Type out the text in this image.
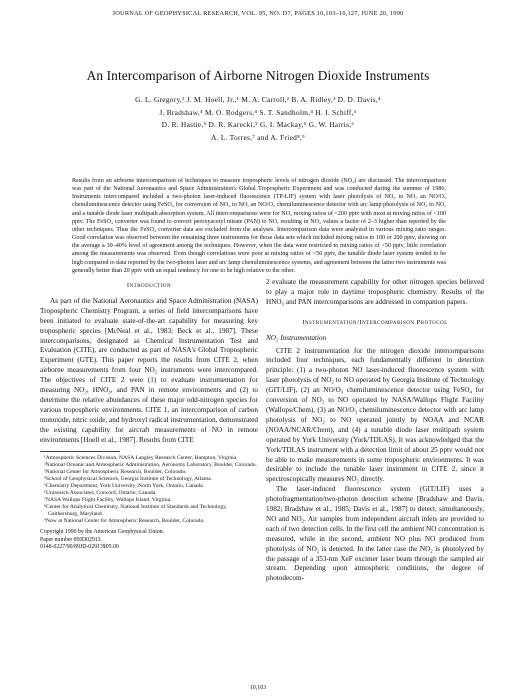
JOURNAL OF GEOPHYSICAL RESEARCH, VOL. 95, NO. D7, PAGES 10,103–10,127, JUNE 20, 1990
An Intercomparison of Airborne Nitrogen Dioxide Instruments
G. L. Gregory,¹ J. M. Hoell, Jr.,¹ M. A. Carroll,² B. A. Ridley,³ D. D. Davis,⁴
J. Bradshaw,⁴ M. O. Rodgers,⁴ S. T. Sandholm,⁴ H. I. Schiff,⁵
D. R. Hastie,⁵ D. R. Karecki,⁵ G. I. Mackay,⁶ G. W. Harris,⁶
A. L. Torres,⁷ and A. Fried⁸,⁹
Results from an airborne intercomparison of techniques to measure tropospheric levels of nitrogen dioxide (NO₂) are discussed. The intercomparison was part of the National Aeronautics and Space Administration's Global Tropospheric Experiment and was conducted during the summer of 1986. Instruments intercompared included a two-photon laser-induced fluorescence (TP-LIF) system with laser photolysis of NO₂ to NO, an NO/O₃ chemiluminescence detector using FeSO₄ for conversion of NO₂ to NO, an NO/O₃ chemiluminescence detector with arc lamp photolysis of NO₂ to NO, and a tunable diode laser multipath absorption system. All intercomparisons were for NO₂ mixing ratios of <200 pptv with most at mixing ratios of <100 pptv. The FeSO₄ converter was found to convert peroxyacetyl nitrate (PAN) to NO, resulting in NO₂ values a factor of 2–3 higher than reported by the other techniques. Thus the FeSO₄ converter data are excluded from the analyses. Intercomparison data were analyzed in various mixing ratio ranges. Good correlation was observed between the remaining three instruments for those data sets which included mixing ratios to 100 or 200 pptv, showing on the average a 30–40% level of agreement among the techniques. However, when the data were restricted to mixing ratios of <50 pptv, little correlation among the measurements was observed. Even though correlations were poor at mixing ratios of <50 pptv, the tunable diode laser system tended to be high compared to data reported by the two-photon laser and arc lamp chemiluminescence systems, and agreement between the latter two instruments was generally better than 20 pptv with an equal tendency for one to be high relative to the other.
Introduction

As part of the National Aeronautics and Space Administration (NASA) Tropospheric Chemistry Program, a series of field intercomparisons have been initiated to evaluate state-of-the-art capability for measuring key tropospheric species [McNeal et al., 1983; Beck et al., 1987]. These intercomparisons, designated as Chemical Instrumentation Test and Evaluation (CITE), are conducted as part of NASA's Global Tropospheric Experiment (GTE). This paper reports the results from CITE 2, when airborne measurements from four NO₂ instruments were intercompared. The objectives of CITE 2 were (1) to evaluate instrumentation for measuring NO₂, HNO₃, and PAN in remote environments and (2) to determine the relative abundances of these major odd-nitrogen species for various tropospheric environments. CITE 1, an intercomparison of carbon monoxide, nitric oxide, and hydroxyl radical instrumentation, demonstrated the existing capability for aircraft measurements of NO in remote environments [Hoell et al., 1987]. Results from CITE

¹Atmospheric Sciences Division, NASA Langley Research Center, Hampton, Virginia.
²National Oceanic and Atmospheric Administration, Aeronomy Laboratory, Boulder, Colorado.
³National Center for Atmospheric Research, Boulder, Colorado.
⁴School of Geophysical Sciences, Georgia Institute of Technology, Atlanta.
⁵Chemistry Department, York University, North York, Ontario, Canada.
⁶Unisearch Associates, Concord, Ontario, Canada.
⁷NASA Wallops Flight Facility, Wallops Island, Virginia.
⁸Center for Analytical Chemistry, National Institute of Standards and Technology, Gaithersburg, Maryland.
⁹Now at National Center for Atmospheric Research, Boulder, Colorado.
Copyright 1990 by the American Geophysical Union.
Paper number 89JD02913.
0148-0227/90/89JD-02913$05.00

2 evaluate the measurement capability for other nitrogen species believed to play a major role in daytime tropospheric chemistry. Results of the HNO₃ and PAN intercomparisons are addressed in companion papers.

Instrumentation/Intercomparison Protocol
NO₂ Instrumentation

CITE 2 instrumentation for the nitrogen dioxide intercomparisons included four techniques, each fundamentally different in detection principle: (1) a two-photon NO laser-induced fluorescence system with laser photolysis of NO₂ to NO operated by Georgia Institute of Technology (GIT/LIF), (2) an NO/O₃ chemiluminescence detector using FeSO₄ for conversion of NO₂ to NO operated by NASA/Wallops Flight Facility (Wallops/Chem), (3) an NO/O₃ chemiluminescence detector with arc lamp photolysis of NO₂ to NO operated jointly by NOAA and NCAR (NOAA/NCAR/Chem), and (4) a tunable diode laser multipath system operated by York University (York/TDLAS). It was acknowledged that the York/TDLAS instrument with a detection limit of about 25 pptv would not be able to make measurements in some tropospheric environments. It was desirable to include the tunable laser instrument in CITE 2, since it spectroscopically measures NO₂ directly.

The laser-induced fluorescence system (GIT/LIF) uses a photofragmentation/two-photon detection scheme [Bradshaw and Davis, 1982; Bradshaw et al., 1985; Davis et al., 1987] to detect, simultaneously, NO and NO₂. Air samples from independent aircraft inlets are provided to each of two detection cells. In the first cell the ambient NO concentration is measured, while in the second, ambient NO plus NO produced from photolysis of NO₂ is detected. In the latter case the NO₂ is photolyzed by the passage of a 353-nm XeF excimer laser beam through the sampled air stream. Depending upon atmospheric conditions, the degree of photodecom-

10,103
